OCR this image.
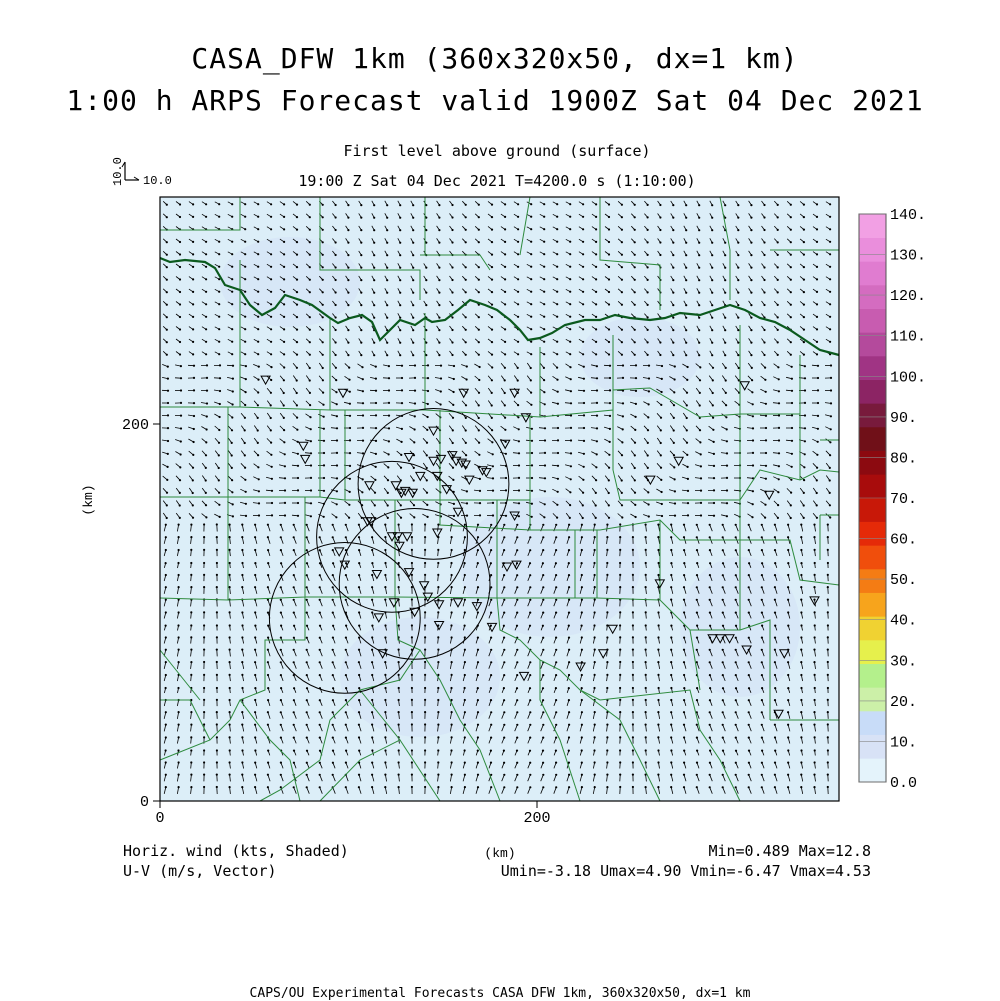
CASA_DFW 1km (360x320x50, dx=1 km)
1:00 h ARPS Forecast valid 1900Z Sat 04 Dec 2021
First level above ground (surface)
19:00 Z Sat 04 Dec 2021 T=4200.0 s (1:10:00)
10.0 10.0
0	200
(km)
0
200
(km)
0.0
10.
20.
30.
40.
50.
60.
70.
80.
90.
100.
110.
120.
130.
140.
Horiz. wind (kts, Shaded)
U-V (m/s, Vector)
Min=0.489 Max=12.8
Umin=-3.18 Umax=4.90 Vmin=-6.47 Vmax=4.53
CAPS/OU Experimental Forecasts CASA DFW 1km, 360x320x50, dx=1 km
